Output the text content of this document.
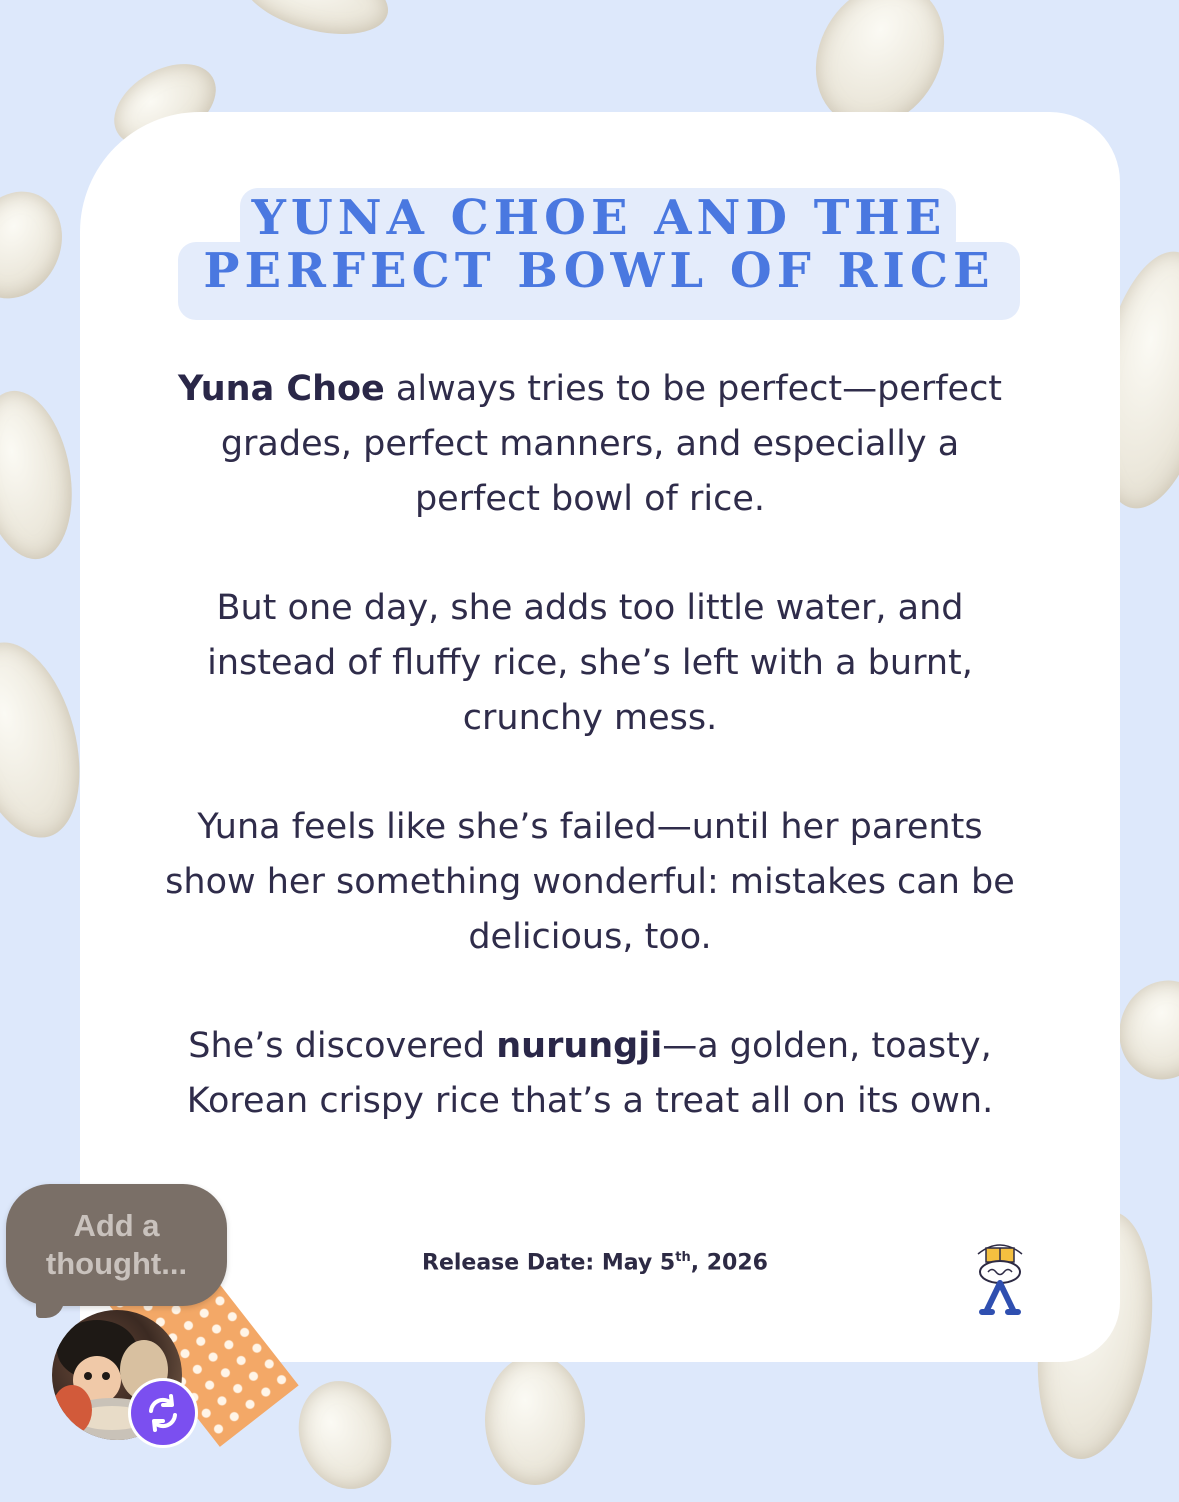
YUNA CHOE AND THE PERFECT BOWL OF RICE

Yuna Choe always tries to be perfect—perfect grades, perfect manners, and especially a perfect bowl of rice.

But one day, she adds too little water, and instead of fluffy rice, she’s left with a burnt, crunchy mess.

Yuna feels like she’s failed—until her parents show her something wonderful: mistakes can be delicious, too.

She’s discovered nurungji—a golden, toasty, Korean crispy rice that’s a treat all on its own.

Release Date: May 5th, 2026
Add a thought...
